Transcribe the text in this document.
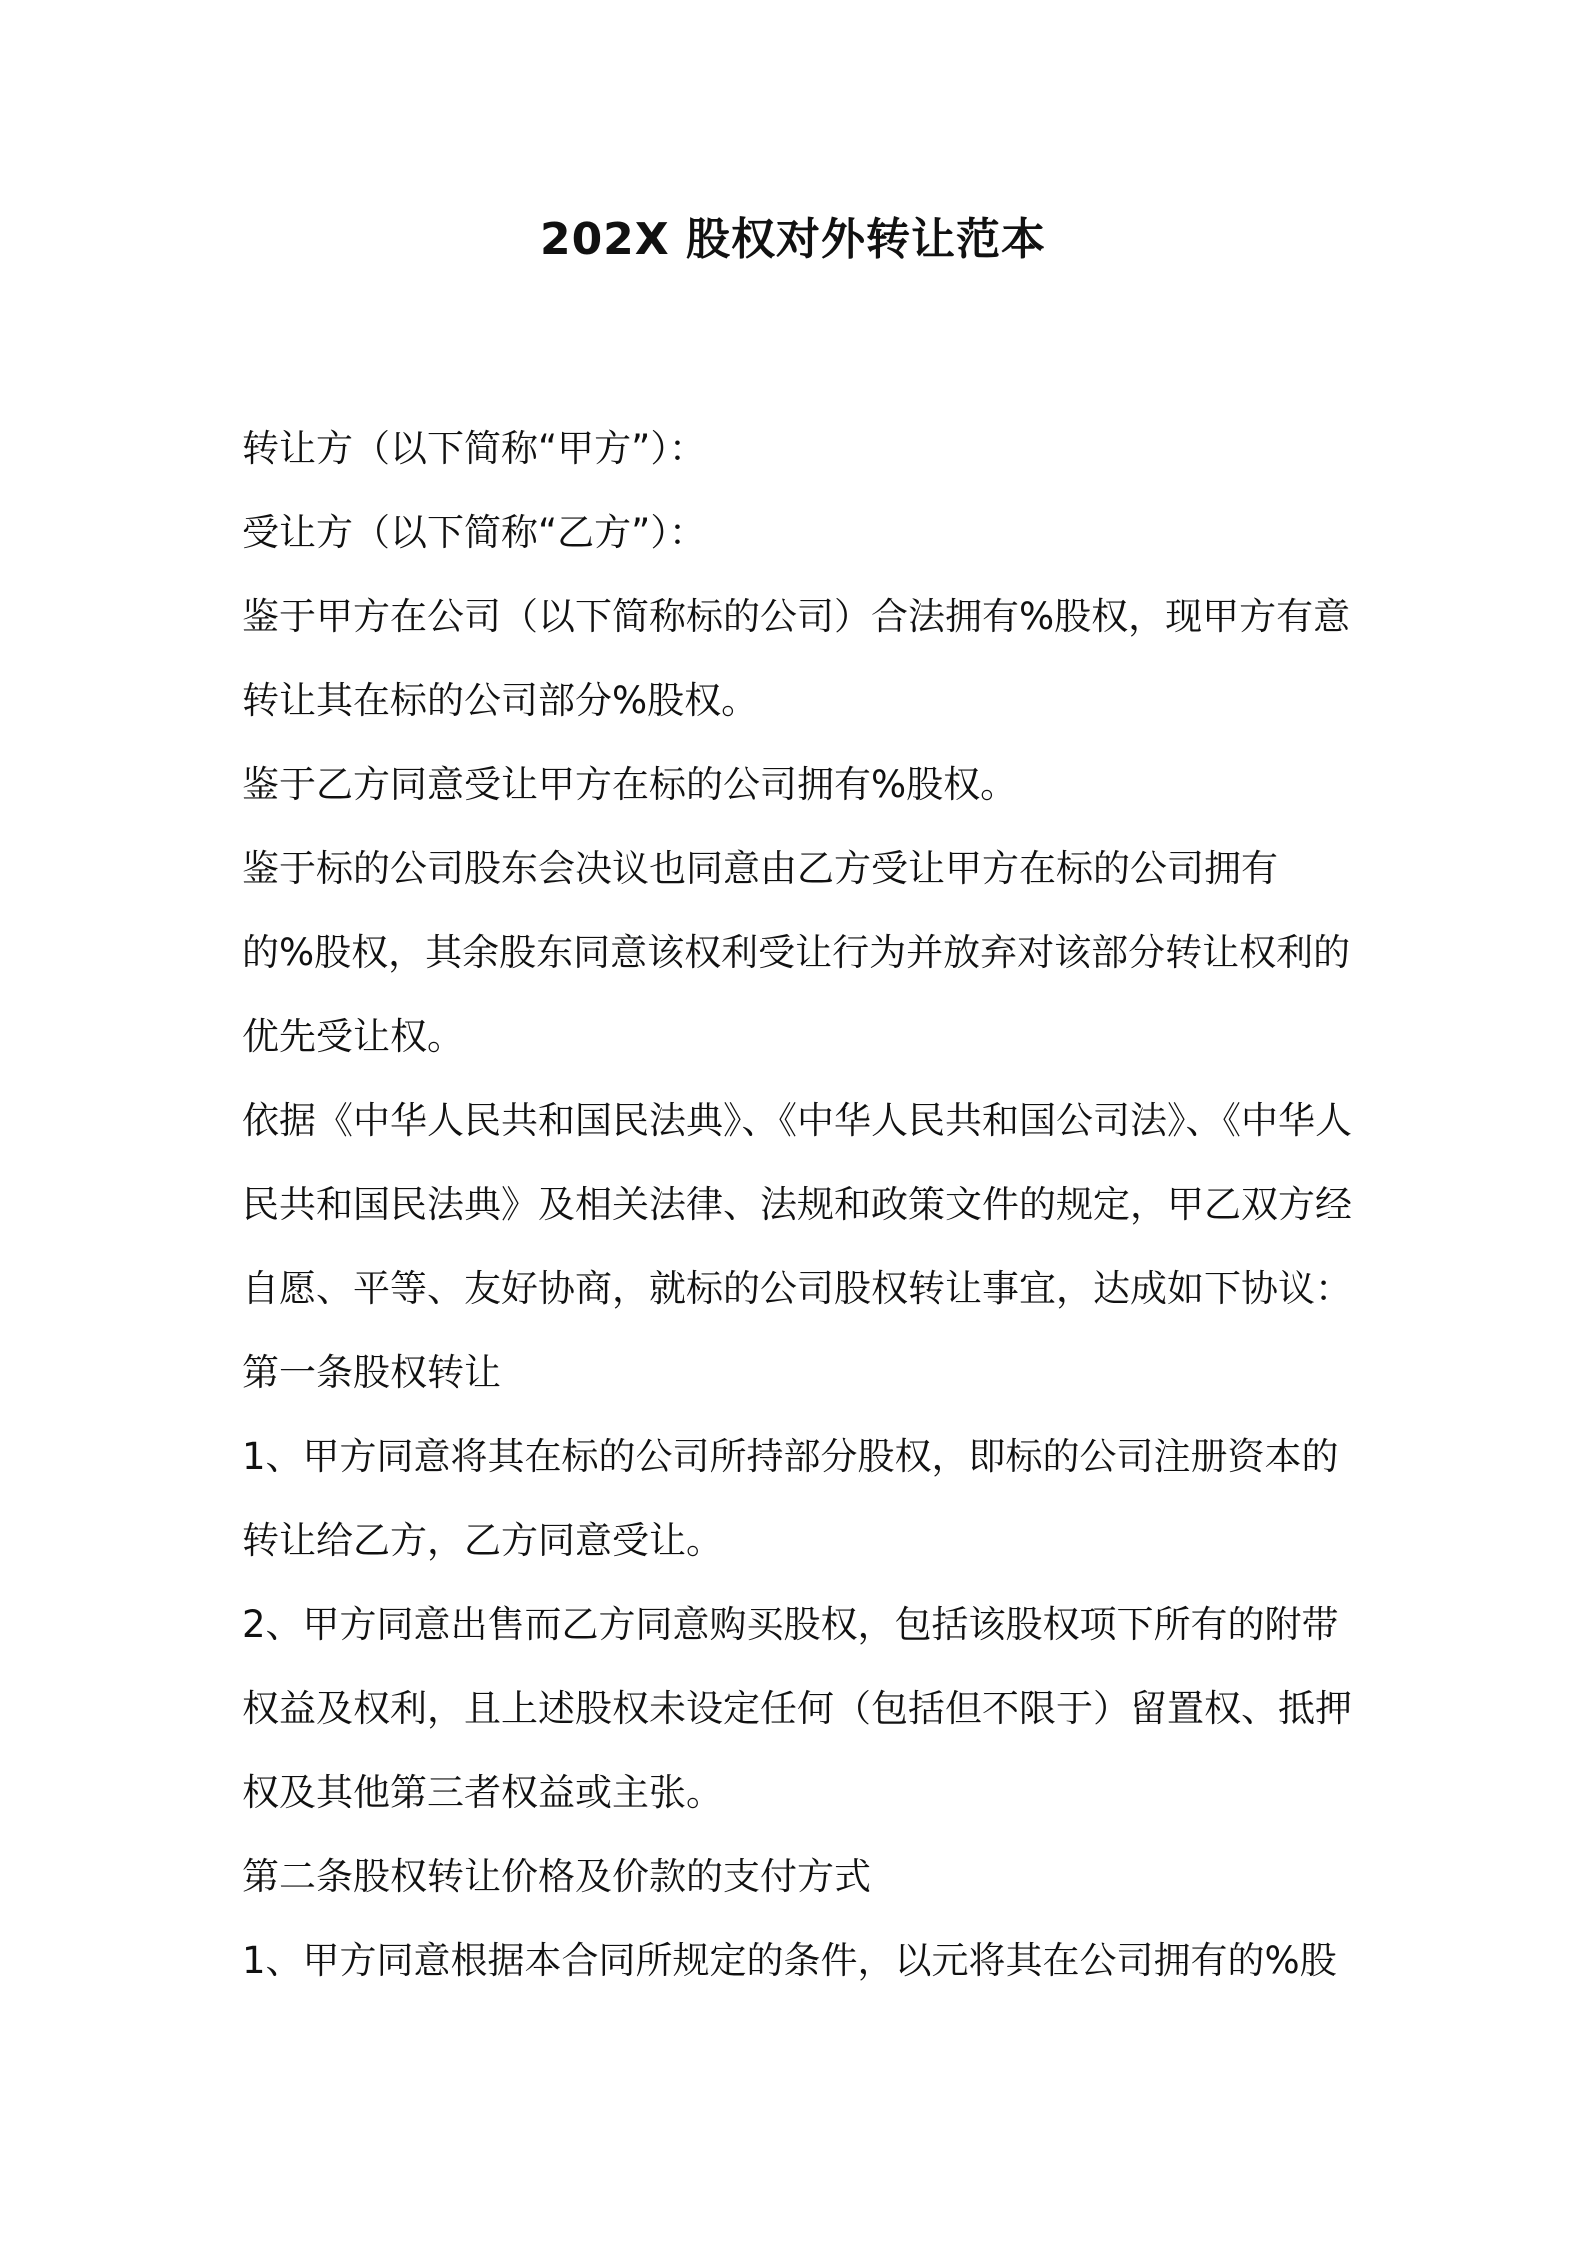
202X 股权对外转让范本
转让方（以下简称“甲方”）：
受让方（以下简称“乙方”）：
鉴于甲方在公司（以下简称标的公司）合法拥有%股权，现甲方有意
转让其在标的公司部分%股权。
鉴于乙方同意受让甲方在标的公司拥有%股权。
鉴于标的公司股东会决议也同意由乙方受让甲方在标的公司拥有
的%股权，其余股东同意该权利受让行为并放弃对该部分转让权利的
优先受让权。
依据《中华人民共和国民法典》、《中华人民共和国公司法》、《中华人
民共和国民法典》及相关法律、法规和政策文件的规定，甲乙双方经
自愿、平等、友好协商，就标的公司股权转让事宜，达成如下协议：
第一条股权转让
1、甲方同意将其在标的公司所持部分股权，即标的公司注册资本的
转让给乙方，乙方同意受让。
2、甲方同意出售而乙方同意购买股权，包括该股权项下所有的附带
权益及权利，且上述股权未设定任何（包括但不限于）留置权、抵押
权及其他第三者权益或主张。
第二条股权转让价格及价款的支付方式
1、甲方同意根据本合同所规定的条件，以元将其在公司拥有的%股
